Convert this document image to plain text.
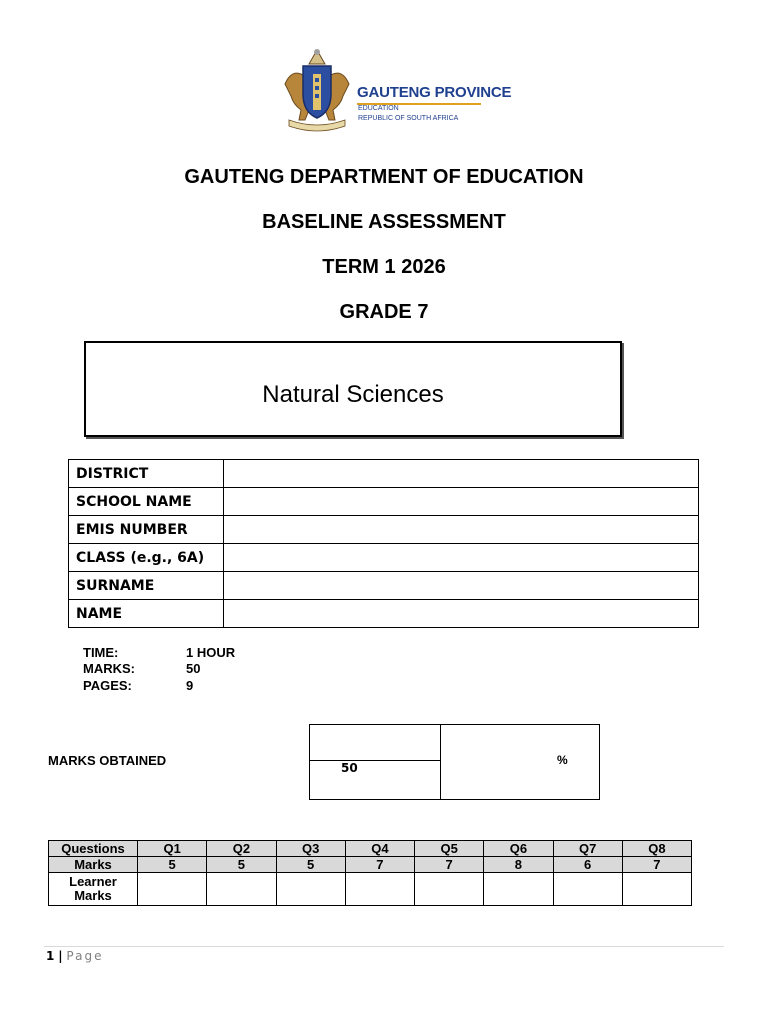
GAUTENG PROVINCE
EDUCATION
REPUBLIC OF SOUTH AFRICA
GAUTENG DEPARTMENT OF EDUCATION
BASELINE ASSESSMENT
TERM 1 2026
GRADE 7
Natural Sciences
DISTRICT	
SCHOOL NAME	
EMIS NUMBER	
CLASS (e.g., 6A)	
SURNAME	
NAME	
TIME:	1 HOUR
MARKS:	50
PAGES:	9
MARKS OBTAINED	50
%
Questions	Q1	Q2	Q3	Q4	Q5	Q6	Q7	Q8
Marks	5	5	5	7	7	8	6	7
Learner Marks								
1 | Page
